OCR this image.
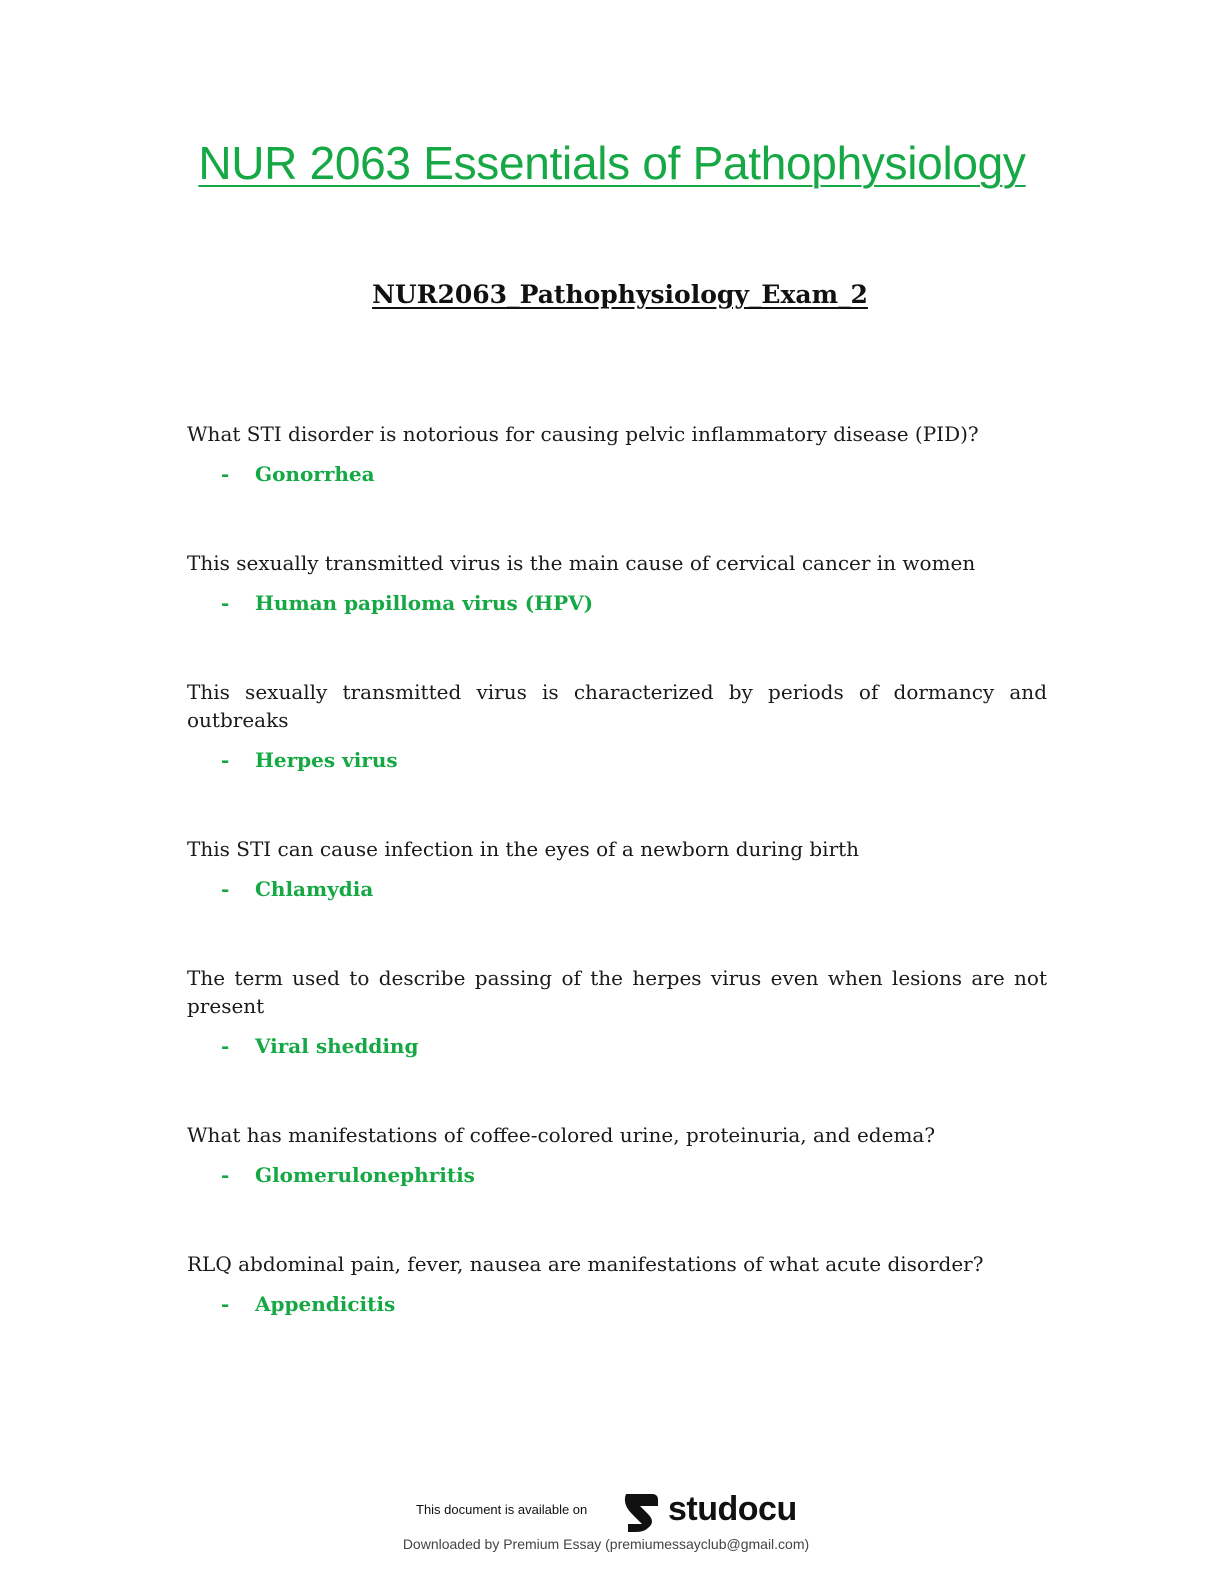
NUR 2063 Essentials of Pathophysiology
NUR2063_Pathophysiology_Exam_2
What STI disorder is notorious for causing pelvic inflammatory disease (PID)?
-	Gonorrhea
This sexually transmitted virus is the main cause of cervical cancer in women
-	Human papilloma virus (HPV)
This sexually transmitted virus is characterized by periods of dormancy and outbreaks
-	Herpes virus
This STI can cause infection in the eyes of a newborn during birth
-	Chlamydia
The term used to describe passing of the herpes virus even when lesions are not present
-	Viral shedding
What has manifestations of coffee-colored urine, proteinuria, and edema?
-	Glomerulonephritis
RLQ abdominal pain, fever, nausea are manifestations of what acute disorder?
-	Appendicitis
This document is available on studocu
Downloaded by Premium Essay (premiumessayclub@gmail.com)
